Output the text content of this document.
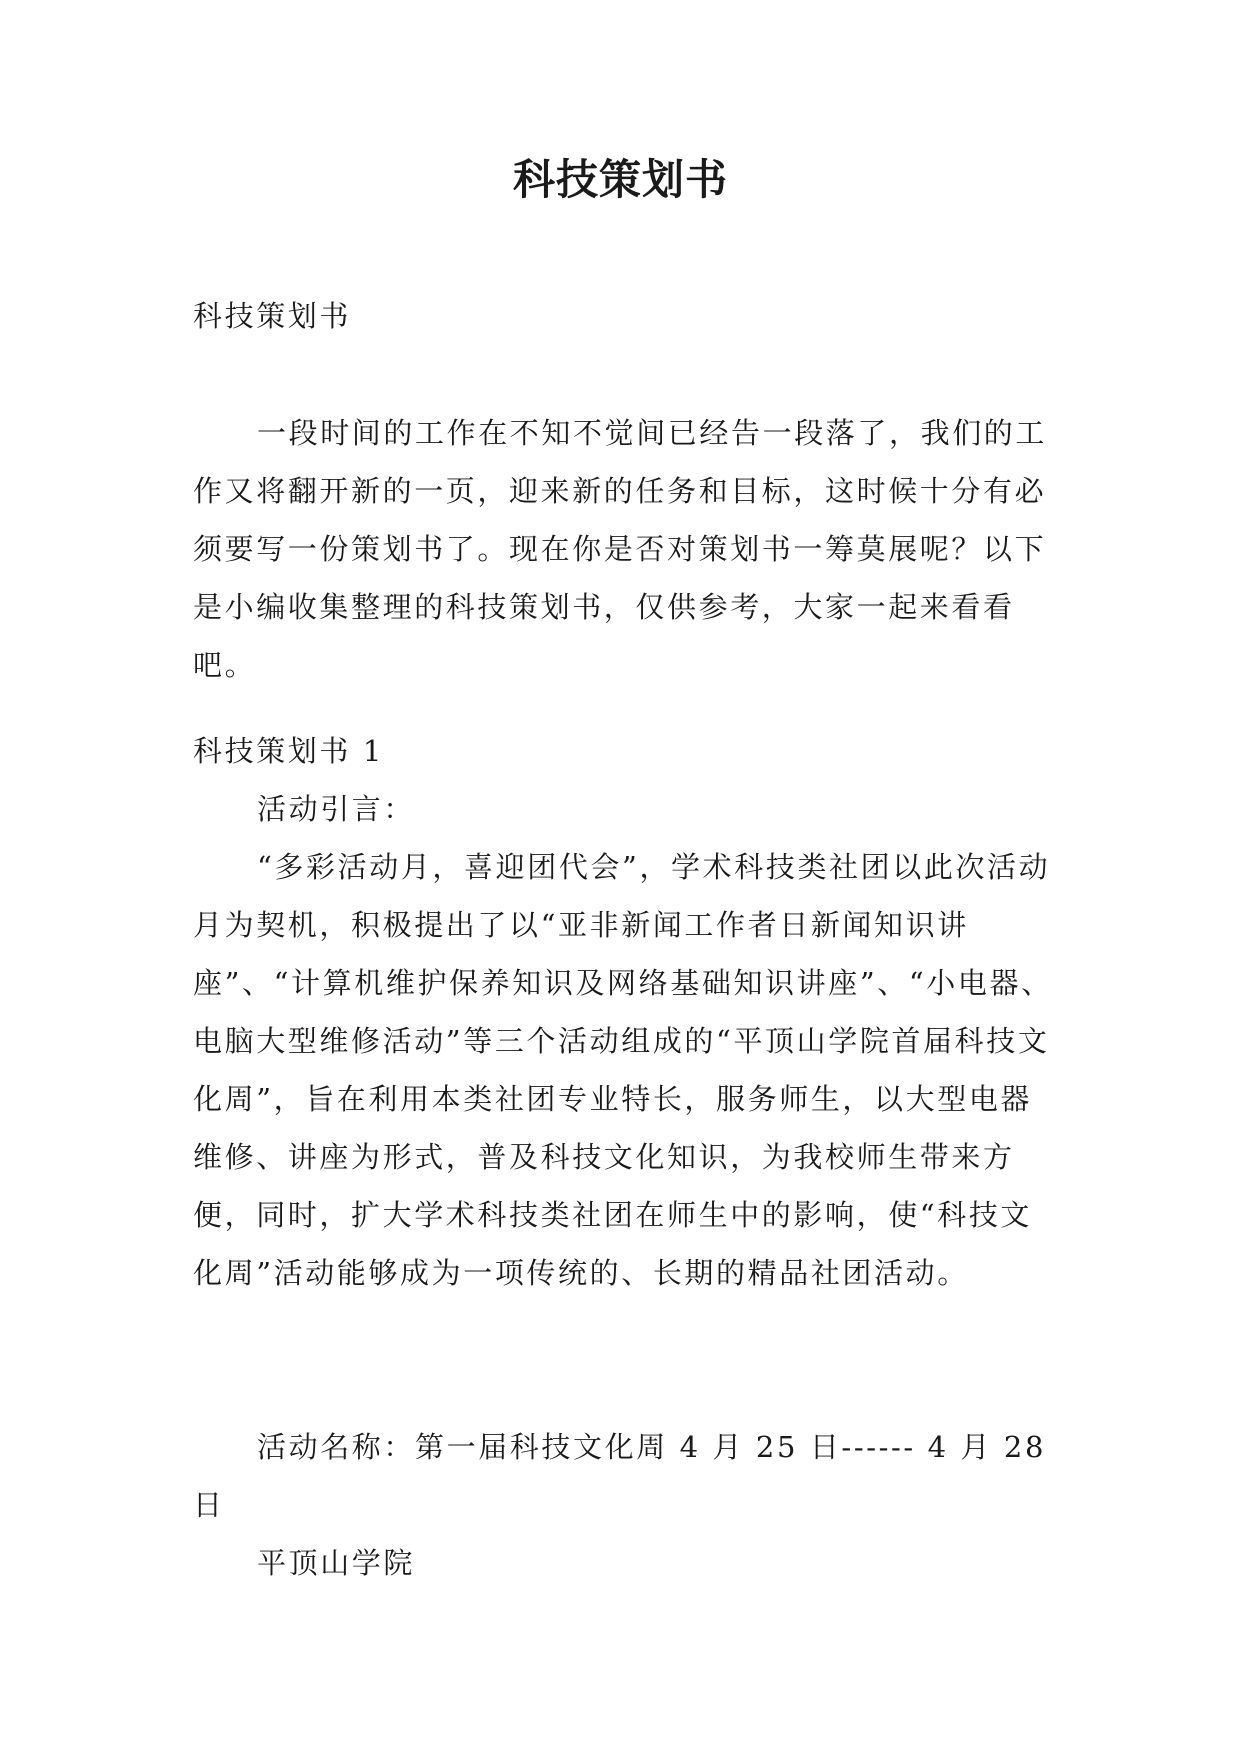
科技策划书

科技策划书

一段时间的工作在不知不觉间已经告一段落了，我们的工作又将翻开新的一页，迎来新的任务和目标，这时候十分有必须要写一份策划书了。现在你是否对策划书一筹莫展呢？以下是小编收集整理的科技策划书，仅供参考，大家一起来看看吧。

科技策划书 1

活动引言：

“多彩活动月，喜迎团代会”，学术科技类社团以此次活动月为契机，积极提出了以“亚非新闻工作者日新闻知识讲座”、“计算机维护保养知识及网络基础知识讲座”、“小电器、电脑大型维修活动”等三个活动组成的“平顶山学院首届科技文化周”，旨在利用本类社团专业特长，服务师生，以大型电器维修、讲座为形式，普及科技文化知识，为我校师生带来方便，同时，扩大学术科技类社团在师生中的影响，使“科技文化周”活动能够成为一项传统的、长期的精品社团活动。

活动名称：第一届科技文化周 4 月 25 日------ 4 月 28 日

平顶山学院
